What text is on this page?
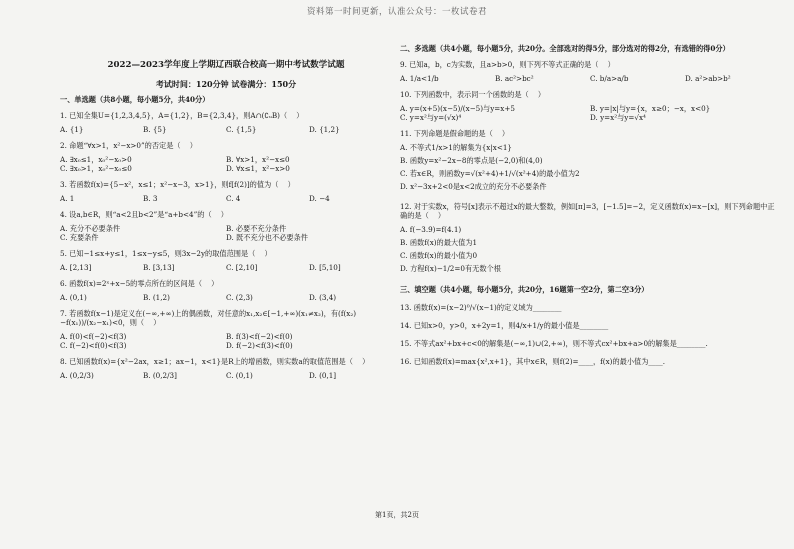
资料第一时间更新，认准公众号：一枚试卷君
2022—2023学年度上学期辽西联合校高一期中考试数学试题
考试时间：120分钟 试卷满分：150分
一、单选题（共8小题，每小题5分，共40分）
1. 已知全集U={1,2,3,4,5}，A={1,2}，B={2,3,4}，则A∩(∁ᵤB)（    ）
A. {1}	B. {5}	C. {1,5}	D. {1,2}
2. 命题“∀x>1，x²−x>0”的否定是（    ）
A. ∃x₀≤1，x₀²−x₀>0	B. ∀x>1，x²−x≤0
C. ∃x₀>1，x₀²−x₀≤0	D. ∀x≤1，x²−x>0
3. 若函数f(x)={5−x²，x≤1；x²−x−3，x>1}，则f[f(2)]的值为（    ）
A. 1	B. 3	C. 4	D. −4
4. 设a,b∈R，则“a<2且b<2”是“a+b<4”的（    ）
A. 充分不必要条件	B. 必要不充分条件
C. 充要条件	D. 既不充分也不必要条件
5. 已知−1≤x+y≤1，1≤x−y≤5，则3x−2y的取值范围是（    ）
A. [2,13]	B. [3,13]	C. [2,10]	D. [5,10]
6. 函数f(x)=2ˣ+x−5的零点所在的区间是（    ）
A. (0,1)	B. (1,2)	C. (2,3)	D. (3,4)
7. 若函数f(x−1)是定义在(−∞,+∞)上的偶函数，对任意的x₁,x₂∈[−1,+∞)(x₁≠x₂)，有(f(x₂)−f(x₁))/(x₂−x₁)<0，则（    ）
A. f(0)<f(−2)<f(3)	B. f(3)<f(−2)<f(0)
C. f(−2)<f(0)<f(3)	D. f(−2)<f(3)<f(0)
8. 已知函数f(x)={x²−2ax，x≥1；ax−1，x<1}是R上的增函数，则实数a的取值范围是（    ）
A. (0,2/3)	B. (0,2/3]	C. (0,1)	D. (0,1]
二、多选题（共4小题，每小题5分，共20分。全部选对的得5分，部分选对的得2分，有选错的得0分）
9. 已知a，b，c为实数，且a>b>0，则下列不等式正确的是（    ）
A. 1/a<1/b	B. ac²>bc²	C. b/a>a/b	D. a²>ab>b²
10. 下列函数中，表示同一个函数的是（    ）
A. y=(x+5)(x−5)/(x−5)与y=x+5	B. y=|x|与y={x，x≥0；−x，x<0}
C. y=x²与y=(√x)⁴	D. y=x²与y=√x⁴
11. 下列命题是假命题的是（    ）
A. 不等式1/x>1的解集为{x|x<1}
B. 函数y=x²−2x−8的零点是(−2,0)和(4,0)
C. 若x∈R，则函数y=√(x²+4)+1/√(x²+4)的最小值为2
D. x²−3x+2<0是x<2成立的充分不必要条件
12. 对于实数x，符号[x]表示不超过x的最大整数，例如[π]=3，[−1.5]=−2，定义函数f(x)=x−[x]，则下列命题中正确的是（    ）
A. f(−3.9)=f(4.1)
B. 函数f(x)的最大值为1
C. 函数f(x)的最小值为0
D. 方程f(x)−1/2=0有无数个根
三、填空题（共4小题，每小题5分，共20分，16题第一空2分，第二空3分）
13. 函数f(x)=(x−2)⁰/√(x−1)的定义域为________
14. 已知x>0，y>0，x+2y=1，则4/x+1/y的最小值是________
15. 不等式ax²+bx+c<0的解集是(−∞,1)∪(2,+∞)，则不等式cx²+bx+a>0的解集是________.
16. 已知函数f(x)=max{x²,x+1}，其中x∈R，则f(2)=____，f(x)的最小值为____.
第1页，共2页
